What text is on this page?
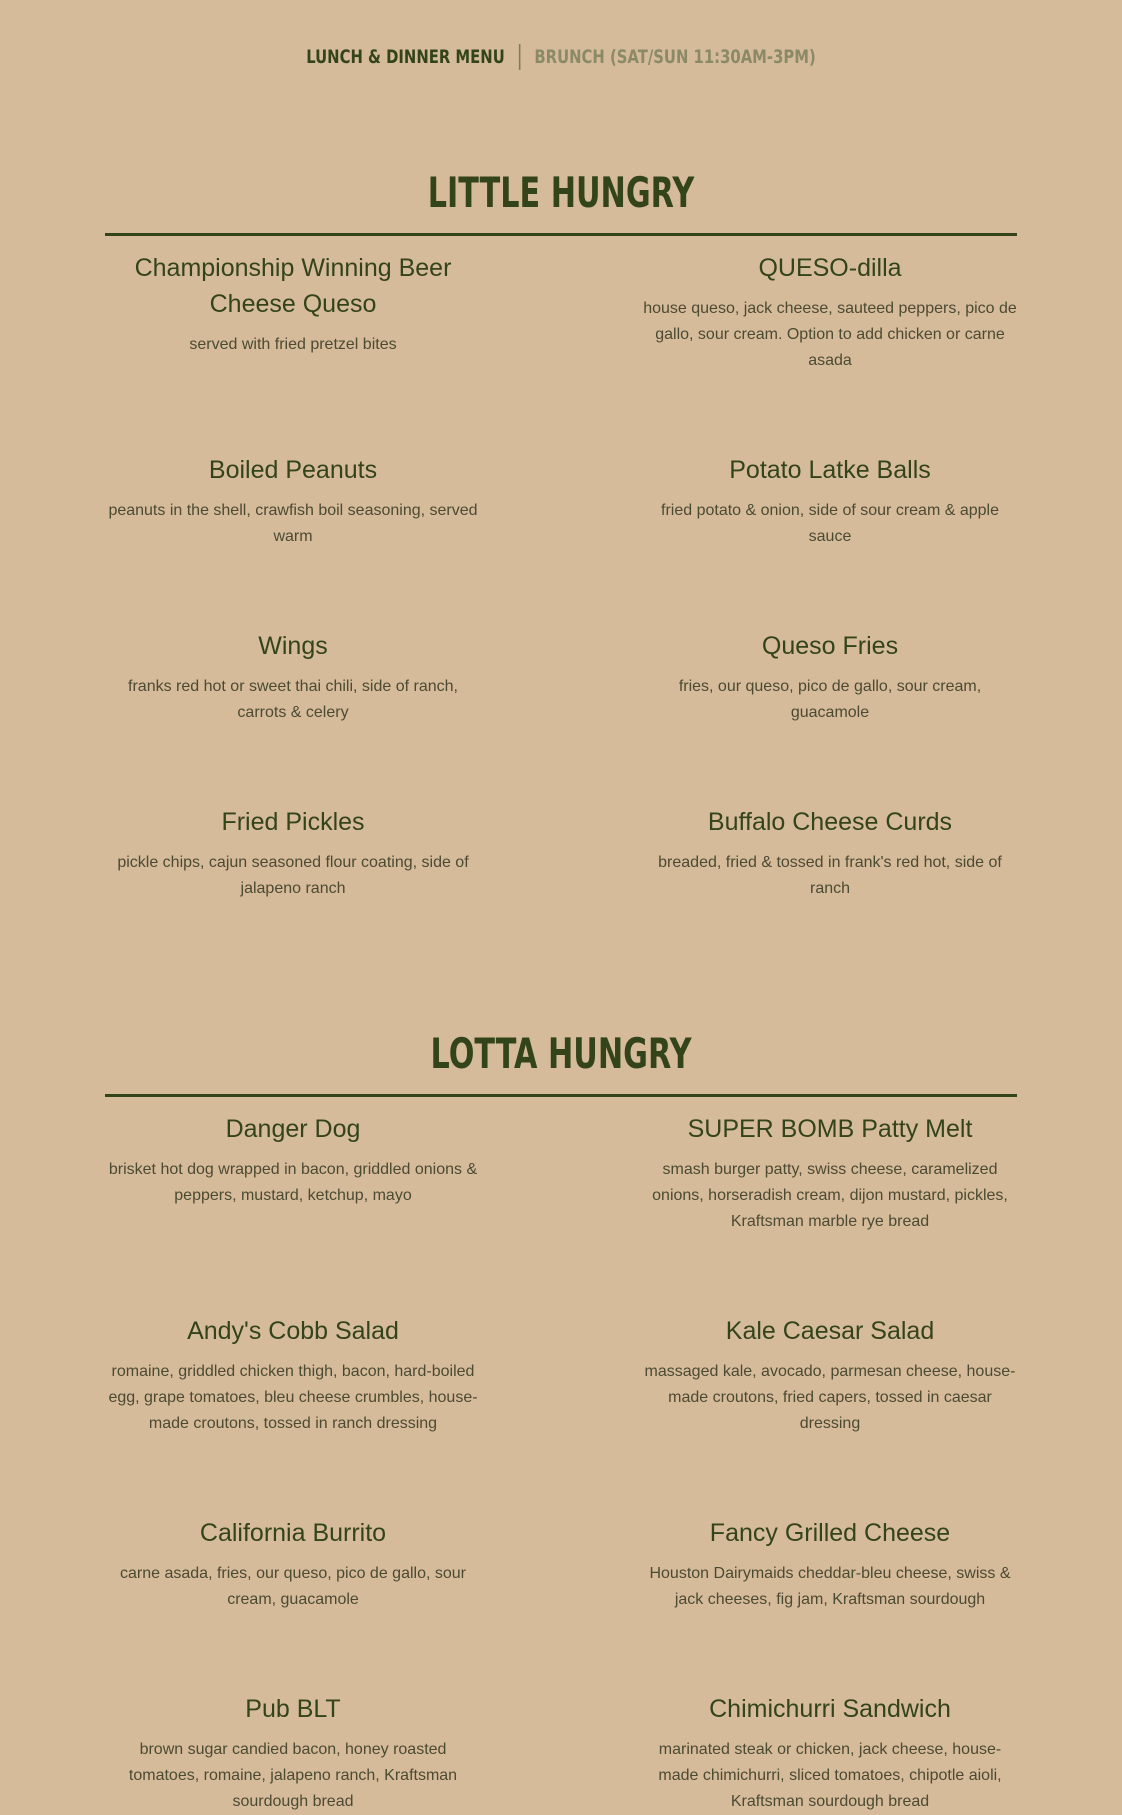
LUNCH & DINNER MENU BRUNCH (SAT/SUN 11:30AM-3PM)
LITTLE HUNGRY

Championship Winning Beer Cheese Queso

served with fried pretzel bites

QUESO-dilla

house queso, jack cheese, sauteed peppers, pico de gallo, sour cream. Option to add chicken or carne asada

Boiled Peanuts

peanuts in the shell, crawfish boil seasoning, served warm

Potato Latke Balls

fried potato & onion, side of sour cream & apple sauce

Wings

franks red hot or sweet thai chili, side of ranch, carrots & celery

Queso Fries

fries, our queso, pico de gallo, sour cream, guacamole

Fried Pickles

pickle chips, cajun seasoned flour coating, side of jalapeno ranch

Buffalo Cheese Curds

breaded, fried & tossed in frank's red hot, side of ranch

LOTTA HUNGRY

Danger Dog

brisket hot dog wrapped in bacon, griddled onions & peppers, mustard, ketchup, mayo

SUPER BOMB Patty Melt

smash burger patty, swiss cheese, caramelized onions, horseradish cream, dijon mustard, pickles, Kraftsman marble rye bread

Andy's Cobb Salad

romaine, griddled chicken thigh, bacon, hard-boiled egg, grape tomatoes, bleu cheese crumbles, house-made croutons, tossed in ranch dressing

Kale Caesar Salad

massaged kale, avocado, parmesan cheese, house-made croutons, fried capers, tossed in caesar dressing

California Burrito

carne asada, fries, our queso, pico de gallo, sour cream, guacamole

Fancy Grilled Cheese

Houston Dairymaids cheddar-bleu cheese, swiss & jack cheeses, fig jam, Kraftsman sourdough

Pub BLT

brown sugar candied bacon, honey roasted tomatoes, romaine, jalapeno ranch, Kraftsman sourdough bread

Chimichurri Sandwich

marinated steak or chicken, jack cheese, house-made chimichurri, sliced tomatoes, chipotle aioli, Kraftsman sourdough bread
